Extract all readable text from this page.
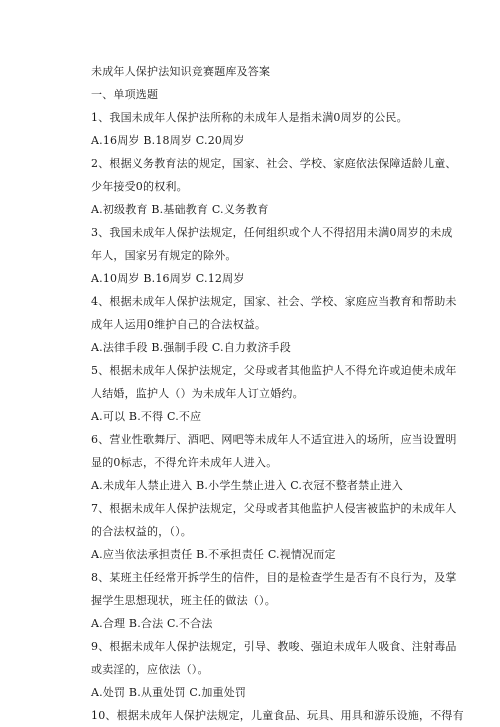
未成年人保护法知识竞赛题库及答案
一、单项选题
1、我国未成年人保护法所称的未成年人是指未满0周岁的公民。
A.16周岁 B.18周岁 C.20周岁
2、根据义务教育法的规定，国家、社会、学校、家庭依法保障适龄儿童、
少年接受0的权利。
A.初级教育 B.基础教育 C.义务教育
3、我国未成年人保护法规定，任何组织或个人不得招用未满0周岁的未成
年人，国家另有规定的除外。
A.10周岁 B.16周岁 C.12周岁
4、根据未成年人保护法规定，国家、社会、学校、家庭应当教育和帮助未
成年人运用0维护自己的合法权益。
A.法律手段 B.强制手段 C.自力救济手段
5、根据未成年人保护法规定，父母或者其他监护人不得允许或迫使未成年
人结婚，监护人（）为未成年人订立婚约。
A.可以 B.不得 C.不应
6、营业性歌舞厅、酒吧、网吧等未成年人不适宜进入的场所，应当设置明
显的0标志，不得允许未成年人进入。
A.未成年人禁止进入 B.小学生禁止进入 C.衣冠不整者禁止进入
7、根据未成年人保护法规定，父母或者其他监护人侵害被监护的未成年人
的合法权益的，（）。
A.应当依法承担责任 B.不承担责任 C.视情况而定
8、某班主任经常开拆学生的信件，目的是检查学生是否有不良行为，及掌
握学生思想现状，班主任的做法（）。
A.合理 B.合法 C.不合法
9、根据未成年人保护法规定，引导、教唆、强迫未成年人吸食、注射毒品
或卖淫的，应依法（）。
A.处罚 B.从重处罚 C.加重处罚
10、根据未成年人保护法规定，儿童食品、玩具、用具和游乐设施，不得有
